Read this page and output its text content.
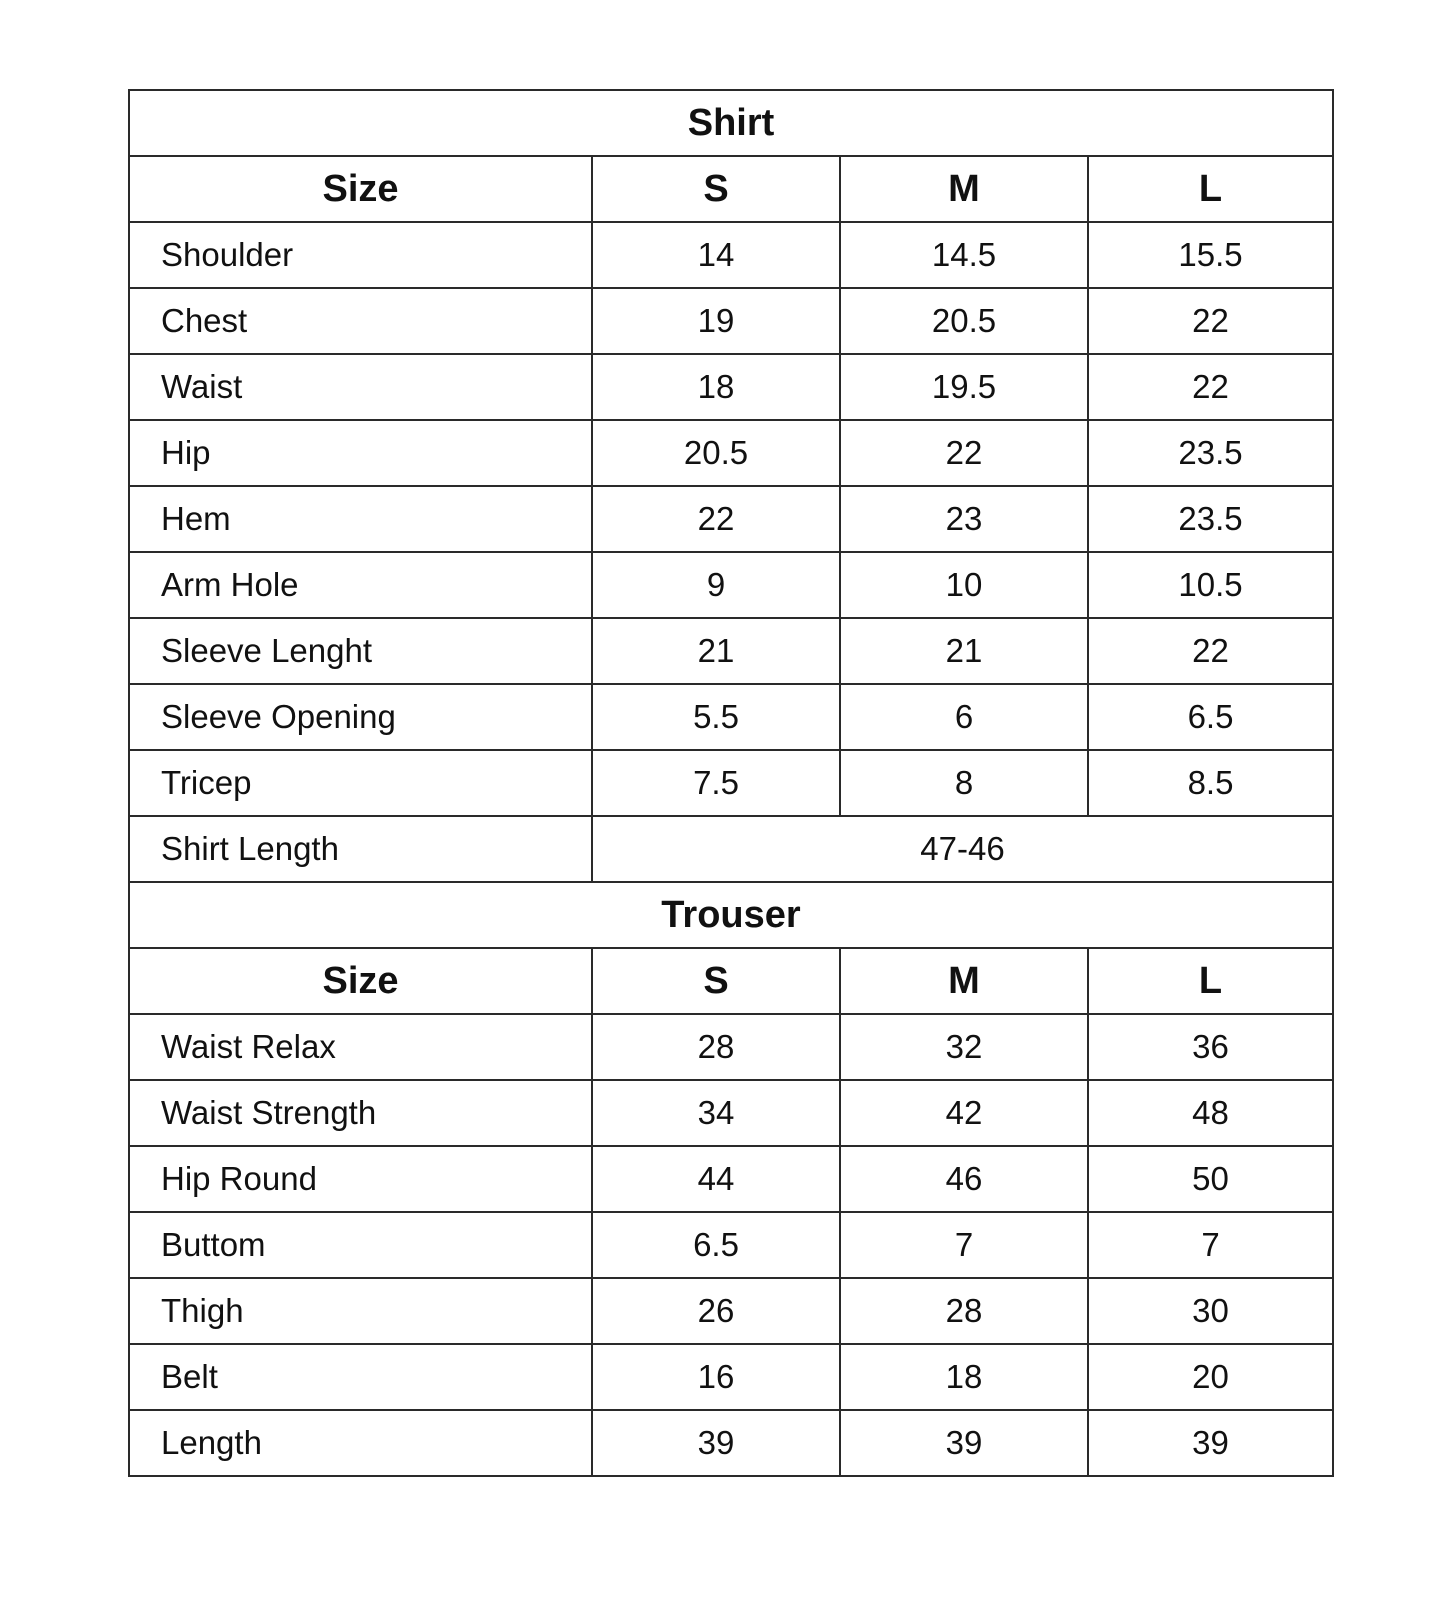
Shirt			
Size	S	M	L
Shoulder	14	14.5	15.5
Chest	19	20.5	22
Waist	18	19.5	22
Hip	20.5	22	23.5
Hem	22	23	23.5
Arm Hole	9	10	10.5
Sleeve Lenght	21	21	22
Sleeve Opening	5.5	6	6.5
Tricep	7.5	8	8.5
Shirt Length	47-46		
Trouser			
Size	S	M	L
Waist Relax	28	32	36
Waist Strength	34	42	48
Hip Round	44	46	50
Buttom	6.5	7	7
Thigh	26	28	30
Belt	16	18	20
Length	39	39	39
